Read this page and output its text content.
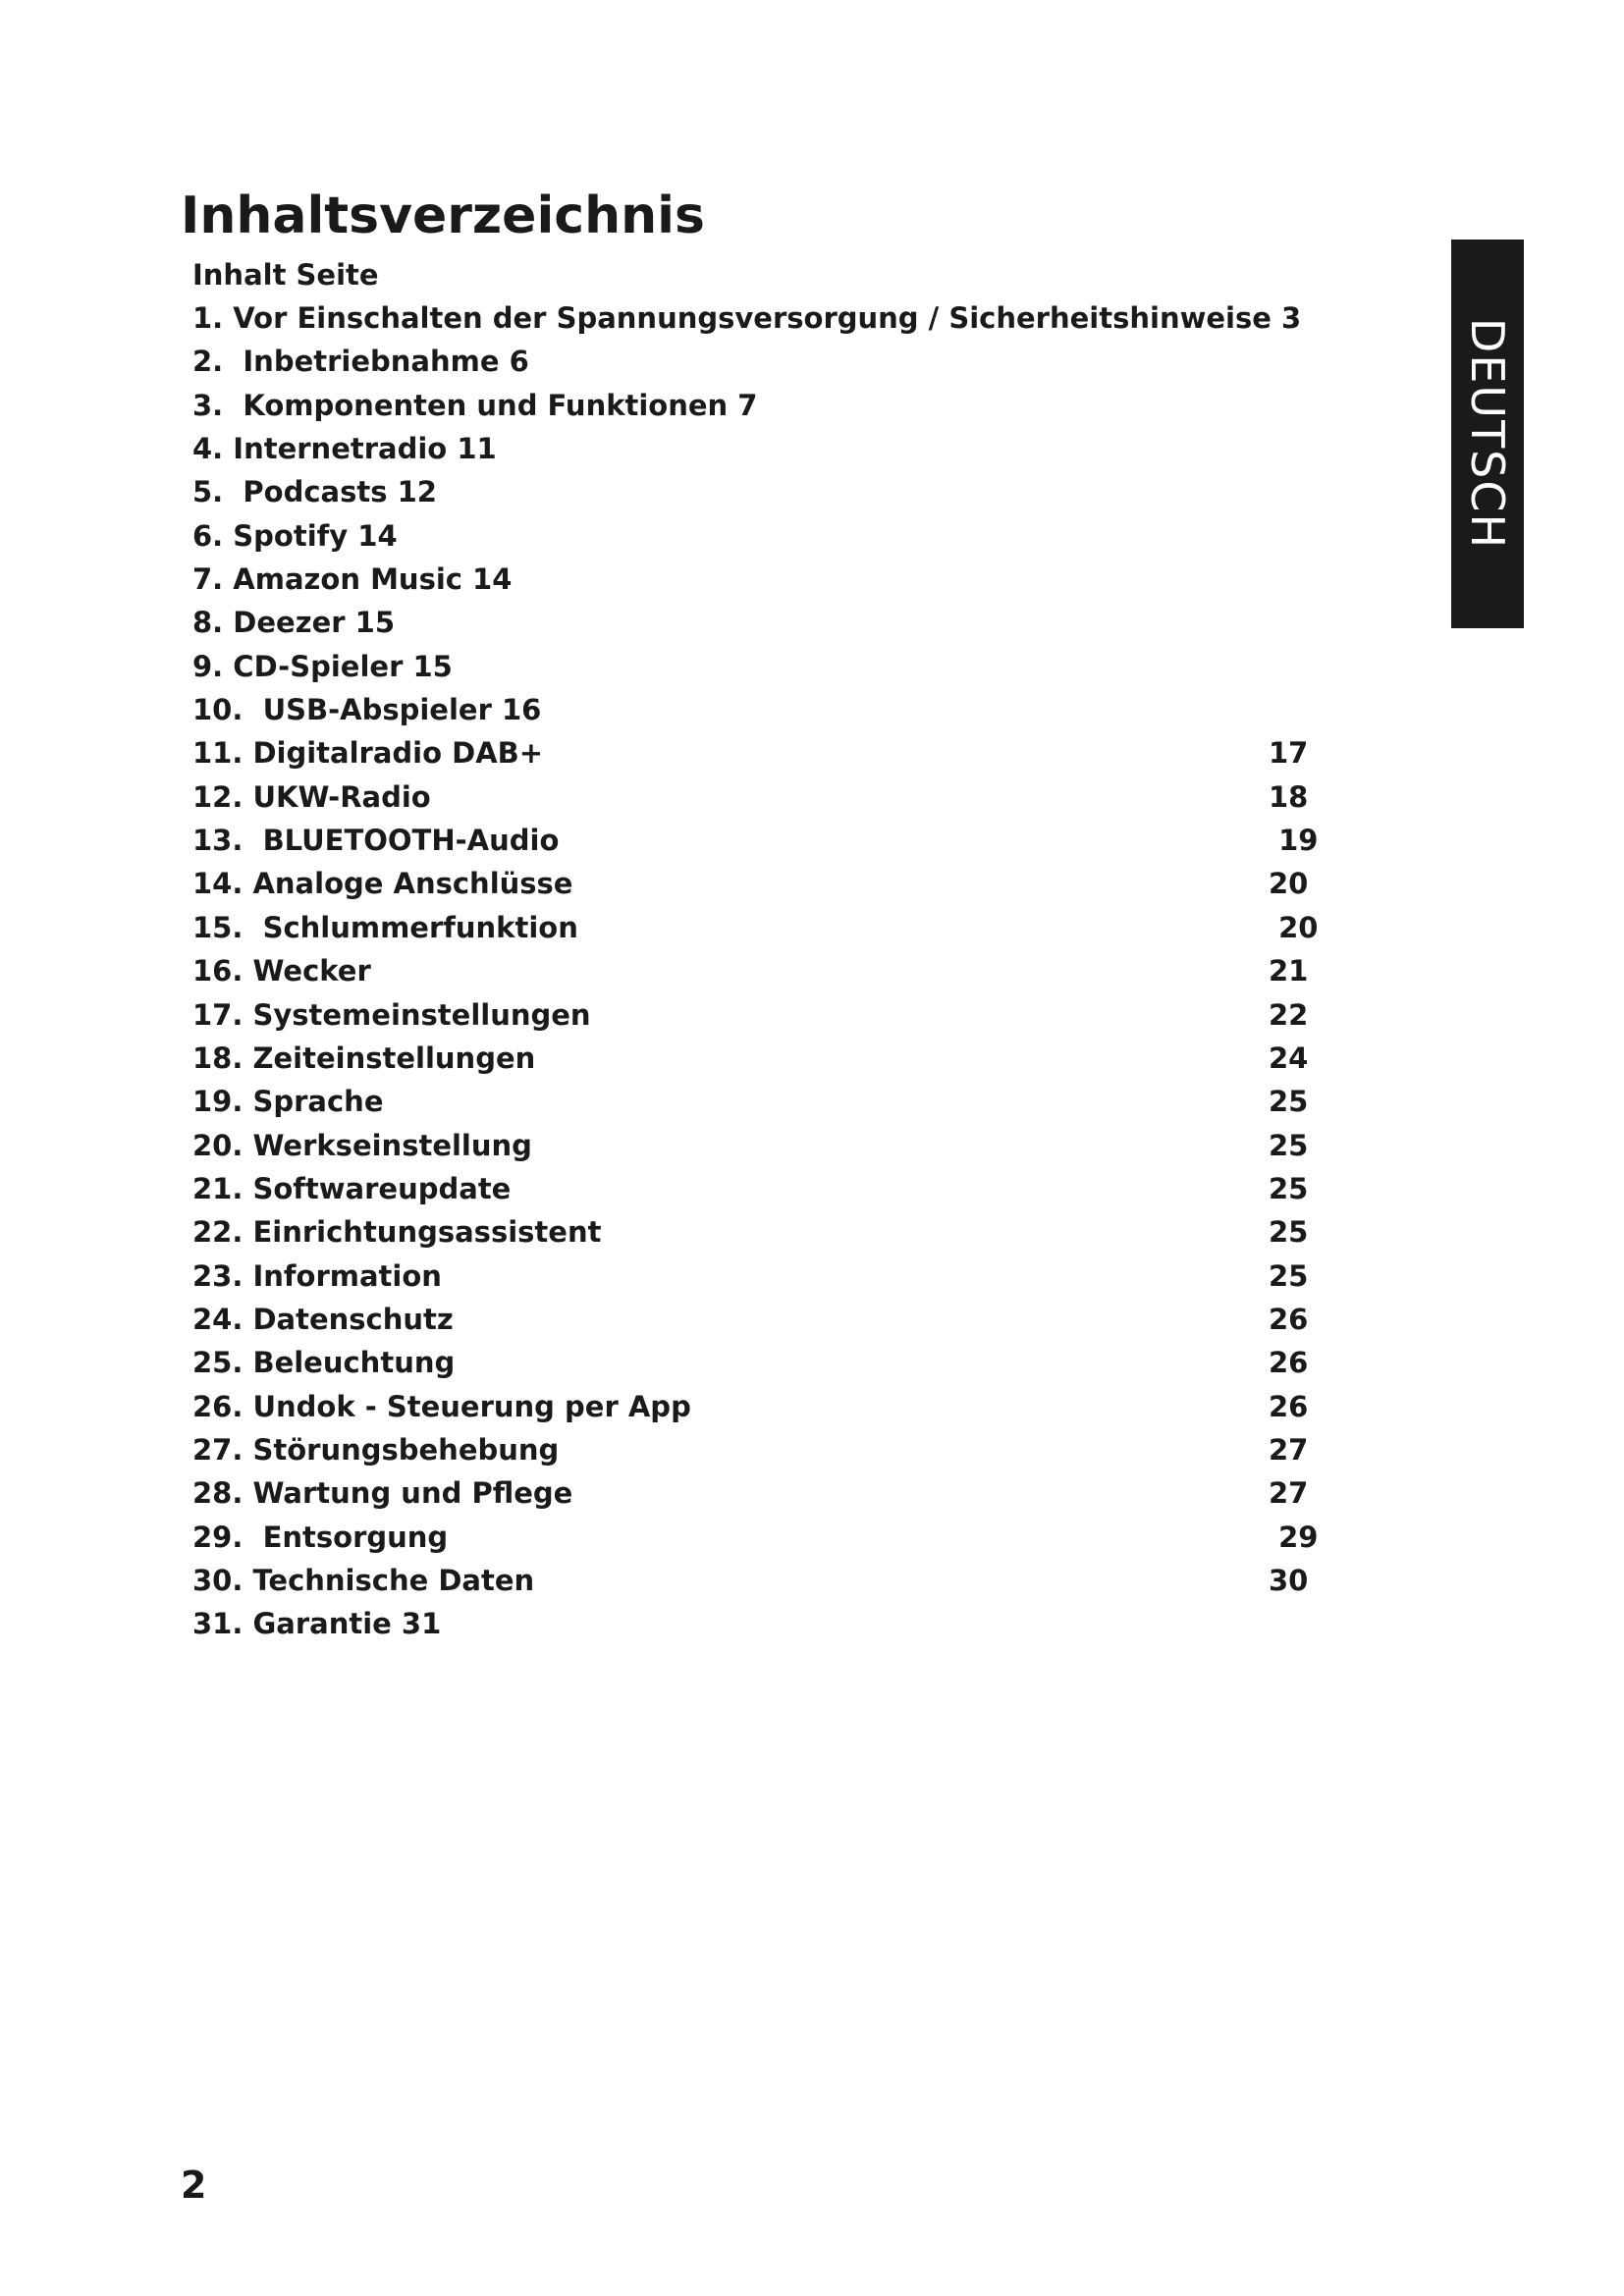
Inhaltsverzeichnis
Inhalt Seite
1. Vor Einschalten der Spannungsversorgung / Sicherheitshinweise 3
2.  Inbetriebnahme 6
3.  Komponenten und Funktionen 7
4. Internetradio 11
5.  Podcasts 12
6. Spotify 14
7. Amazon Music 14
8. Deezer 15
9. CD-Spieler 15
10.  USB-Abspieler 16
11. Digitalradio DAB+	17
12. UKW-Radio	18
13.  BLUETOOTH-Audio	19
14. Analoge Anschlüsse	20
15.  Schlummerfunktion	20
16. Wecker	21
17. Systemeinstellungen	22
18. Zeiteinstellungen	24
19. Sprache	25
20. Werkseinstellung	25
21. Softwareupdate	25
22. Einrichtungsassistent	25
23. Information	25
24. Datenschutz	26
25. Beleuchtung	26
26. Undok - Steuerung per App	26
27. Störungsbehebung	27
28. Wartung und Pflege	27
29.  Entsorgung	29
30. Technische Daten	30
31. Garantie 31
DEUTSCH
2
